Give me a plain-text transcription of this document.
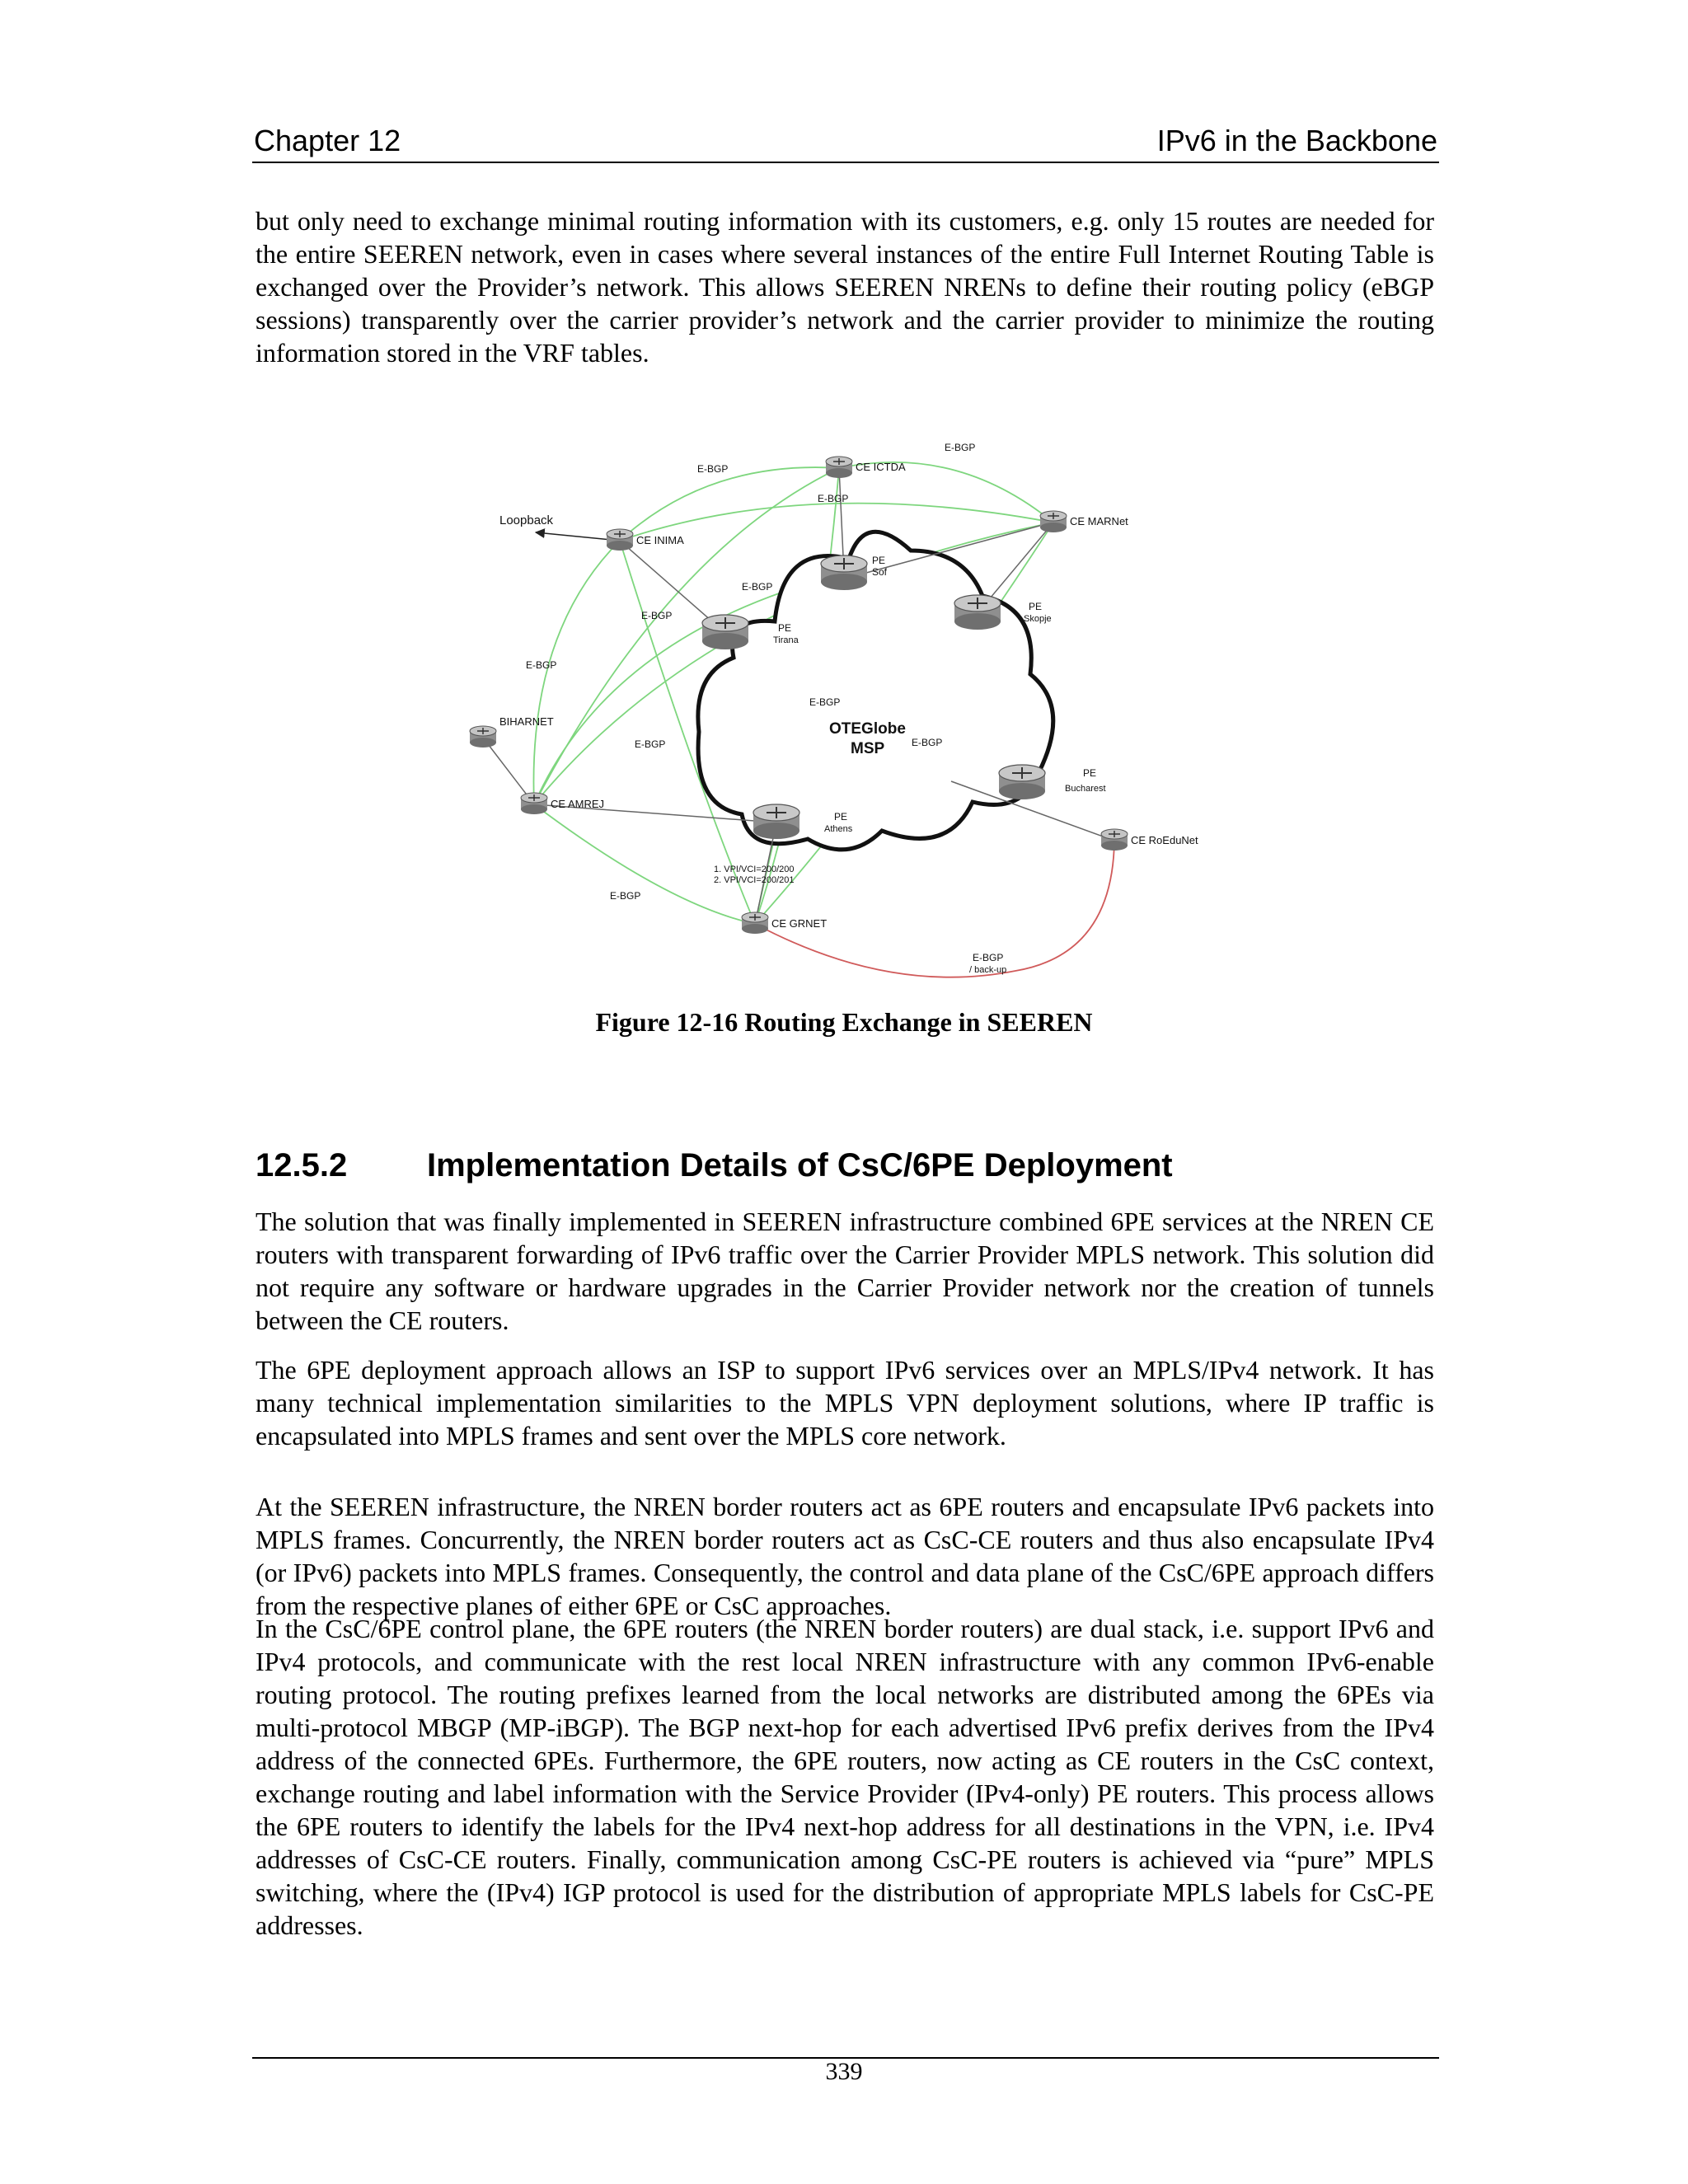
Chapter 12	IPv6 in the Backbone

but only need to exchange minimal routing information with its customers, e.g. only 15 routes are needed for the entire SEEREN network, even in cases where several instances of the entire Full Internet Routing Table is exchanged over the Provider’s network. This allows SEEREN NRENs to define their routing policy (eBGP sessions) transparently over the carrier provider’s network and the carrier provider to minimize the routing information stored in the VRF tables.

CE ICTDA
CE MARNet
CE INIMA
BIHARNET
CE AMREJ
CE RoEduNet
CE GRNET
Loopback
PE
Sof
PE
Skopje
PE
Tirana
PE
Bucharest
PE
Athens
OTEGlobe
MSP
E-BGP
E-BGP
E-BGP
E-BGP
E-BGP
E-BGP
E-BGP
E-BGP	E-BGP
E-BGP
1. VPI/VCI=200/200
2. VPI/VCI=200/201
E-BGP
/ back-up
Figure 12-16 Routing Exchange in SEEREN
12.5.2 Implementation Details of CsC/6PE Deployment

The solution that was finally implemented in SEEREN infrastructure combined 6PE services at the NREN CE routers with transparent forwarding of IPv6 traffic over the Carrier Provider MPLS network. This solution did not require any software or hardware upgrades in the Carrier Provider network nor the creation of tunnels between the CE routers.

The 6PE deployment approach allows an ISP to support IPv6 services over an MPLS/IPv4 network. It has many technical implementation similarities to the MPLS VPN deployment solutions, where IP traffic is encapsulated into MPLS frames and sent over the MPLS core network.

At the SEEREN infrastructure, the NREN border routers act as 6PE routers and encapsulate IPv6 packets into MPLS frames. Concurrently, the NREN border routers act as CsC-CE routers and thus also encapsulate IPv4 (or IPv6) packets into MPLS frames. Consequently, the control and data plane of the CsC/6PE approach differs from the respective planes of either 6PE or CsC approaches.

In the CsC/6PE control plane, the 6PE routers (the NREN border routers) are dual stack, i.e. support IPv6 and IPv4 protocols, and communicate with the rest local NREN infrastructure with any common IPv6-enable routing protocol. The routing prefixes learned from the local networks are distributed among the 6PEs via multi-protocol MBGP (MP-iBGP). The BGP next-hop for each advertised IPv6 prefix derives from the IPv4 address of the connected 6PEs. Furthermore, the 6PE routers, now acting as CE routers in the CsC context, exchange routing and label information with the Service Provider (IPv4-only) PE routers. This process allows the 6PE routers to identify the labels for the IPv4 next-hop address for all destinations in the VPN, i.e. IPv4 addresses of CsC-CE routers. Finally, communication among CsC-PE routers is achieved via “pure” MPLS switching, where the (IPv4) IGP protocol is used for the distribution of appropriate MPLS labels for CsC-PE addresses.

339
